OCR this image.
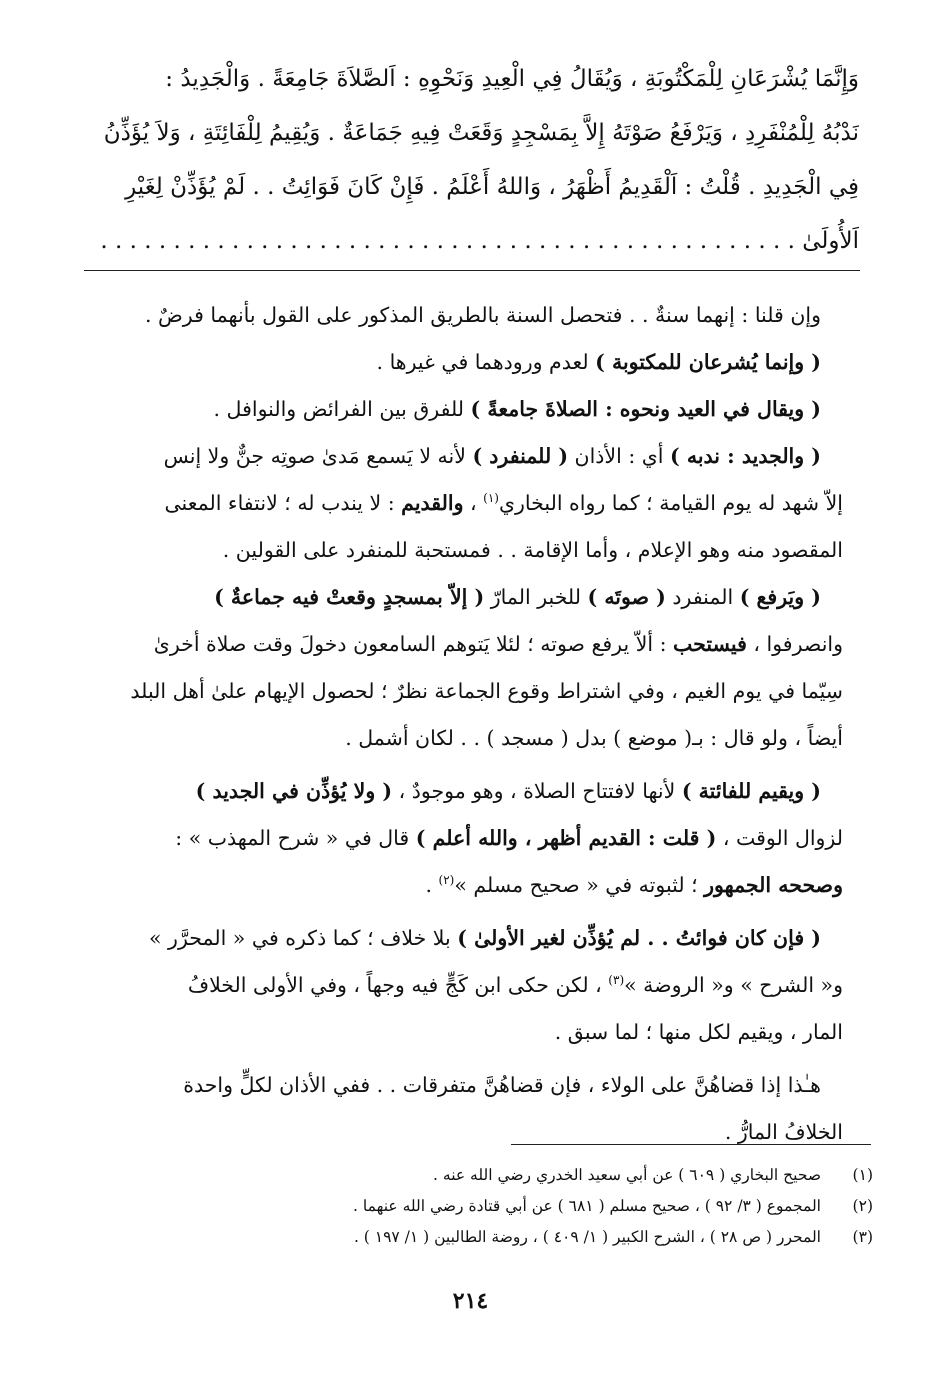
وَإِنَّمَا يُشْرَعَانِ لِلْمَكْتُوبَةِ ، وَيُقَالُ فِي الْعِيدِ وَنَحْوِهِ : اَلصَّلاَةَ جَامِعَةً . وَالْجَدِيدُ :
نَدْبُهُ لِلْمُنْفَرِدِ ، وَيَرْفَعُ صَوْتَهُ إِلاَّ بِمَسْجِدٍ وَقَعَتْ فِيهِ جَمَاعَةٌ . وَيُقِيمُ لِلْفَائِتَةِ ، وَلاَ يُؤَذِّنُ
فِي الْجَدِيدِ . قُلْتُ : اَلْقَدِيمُ أَظْهَرُ ، وَاللهُ أَعْلَمُ . فَإِنْ كَانَ فَوَائِتُ . . لَمْ يُؤَذِّنْ لِغَيْرِ
اَلأُولَىٰ . . . . . . . . . . . . . . . . . . . . . . . . . . . . . . . . . . . . . . . . . . . . . . . .

وإن قلنا : إنهما سنةٌ . . فتحصل السنة بالطريق المذكور على القول بأنهما فرضٌ .

( وإنما يُشرعان للمكتوبة ) لعدم ورودهما في غيرها .

( ويقال في العيد ونحوه : الصلاةَ جامعةً ) للفرق بين الفرائض والنوافل .

( والجديد : ندبه ) أي : الأذان ( للمنفرد ) لأنه لا يَسمع مَدىٰ صوتِه جنٌّ ولا إنس
إلاّ شهد له يوم القيامة ؛ كما رواه البخاري$^{(١)}$ ، والقديم : لا يندب له ؛ لانتفاء المعنى
المقصود منه وهو الإعلام ، وأما الإقامة . . فمستحبة للمنفرد على القولين .

( ويَرفع ) المنفرد ( صوتَه ) للخبر المارّ ( إلاّ بمسجدٍ وقعتْ فيه جماعةٌ )
وانصرفوا ، فيستحب : ألاّ يرفع صوته ؛ لئلا يَتوهم السامعون دخولَ وقت صلاة أخرىٰ
سِيّما في يوم الغيم ، وفي اشتراط وقوع الجماعة نظرٌ ؛ لحصول الإيهام علىٰ أهل البلد
أيضاً ، ولو قال : بـ( موضع ) بدل ( مسجد ) . . لكان أشمل .

( ويقيم للفائتة ) لأنها لافتتاح الصلاة ، وهو موجودٌ ، ( ولا يُؤذِّن في الجديد )
لزوال الوقت ، ( قلت : القديم أظهر ، والله أعلم ) قال في « شرح المهذب » :
وصححه الجمهور ؛ لثبوته في « صحيح مسلم »$^{(٢)}$ .

( فإن كان فوائتُ . . لم يُؤذِّن لغير الأولىٰ ) بلا خلاف ؛ كما ذكره في « المحرَّر »
و« الشرح » و« الروضة »$^{(٣)}$ ، لكن حكى ابن كَجٍّ فيه وجهاً ، وفي الأولى الخلافُ
المار ، ويقيم لكل منها ؛ لما سبق .

هـٰذا إذا قضاهُنَّ على الولاء ، فإن قضاهُنَّ متفرقات . . ففي الأذان لكلٍّ واحدة
الخلافُ المارُّ .

(١)
صحيح البخاري ( ٦٠٩ ) عن أبي سعيد الخدري رضي الله عنه .
(٢)
المجموع ( ٣/ ٩٢ ) ، صحيح مسلم ( ٦٨١ ) عن أبي قتادة رضي الله عنهما .
(٣)
المحرر ( ص ٢٨ ) ، الشرح الكبير ( ١/ ٤٠٩ ) ، روضة الطالبين ( ١/ ١٩٧ ) .
٢١٤
